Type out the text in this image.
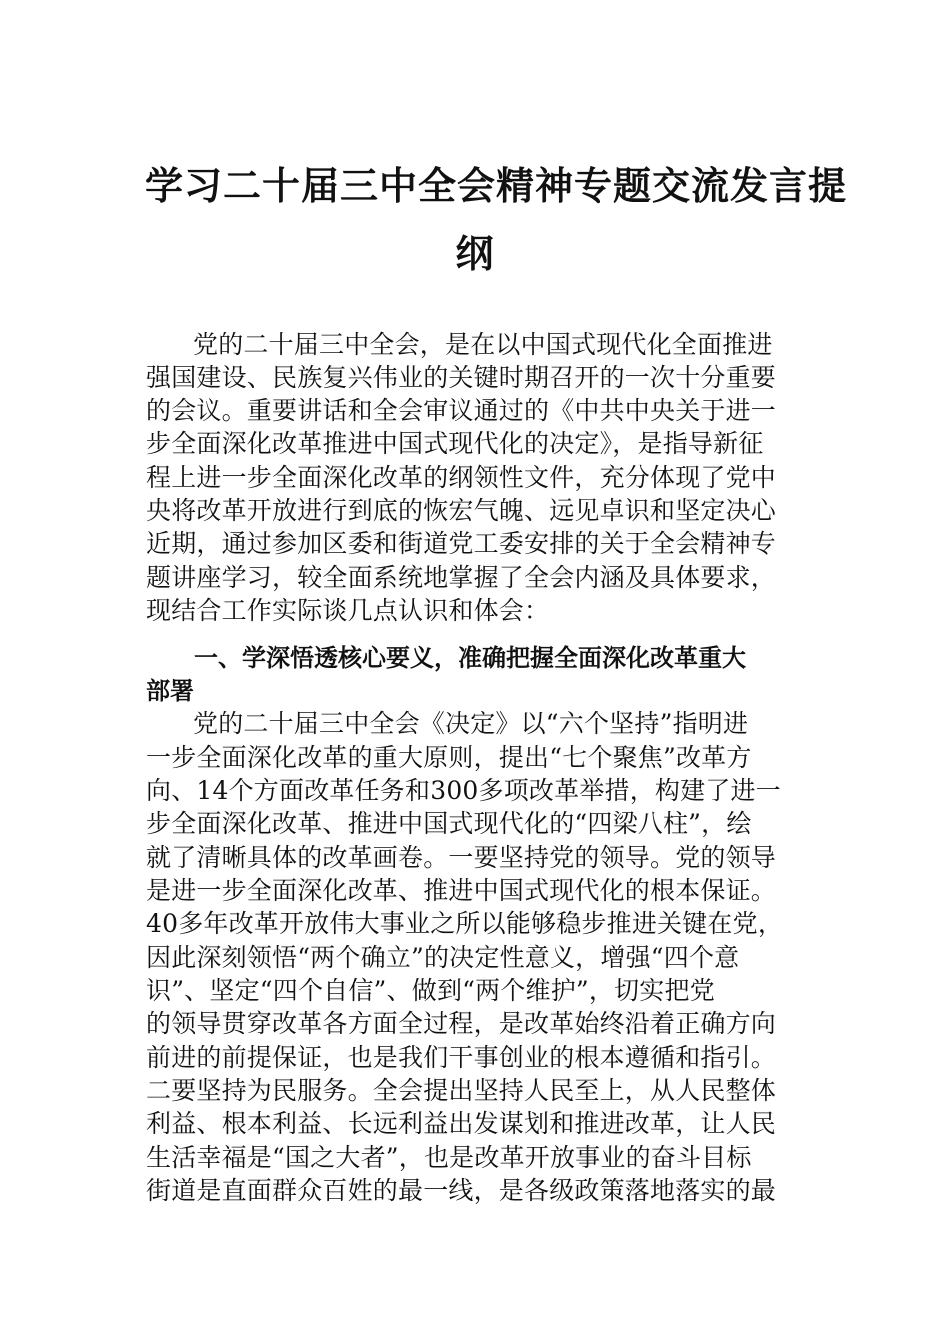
学习二十届三中全会精神专题交流发言提
纲
党的二十届三中全会，是在以中国式现代化全面推进
强国建设、民族复兴伟业的关键时期召开的一次十分重要
的会议。重要讲话和全会审议通过的《中共中央关于进一
步全面深化改革推进中国式现代化的决定》，是指导新征
程上进一步全面深化改革的纲领性文件，充分体现了党中
央将改革开放进行到底的恢宏气魄、远见卓识和坚定决心
近期，通过参加区委和街道党工委安排的关于全会精神专
题讲座学习，较全面系统地掌握了全会内涵及具体要求，
现结合工作实际谈几点认识和体会：
一、学深悟透核心要义，准确把握全面深化改革重大
部署
党的二十届三中全会《决定》以“六个坚持”指明进
一步全面深化改革的重大原则，提出“七个聚焦”改革方
向、14个方面改革任务和300多项改革举措，构建了进一
步全面深化改革、推进中国式现代化的“四梁八柱”，绘
就了清晰具体的改革画卷。一要坚持党的领导。党的领导
是进一步全面深化改革、推进中国式现代化的根本保证。
40多年改革开放伟大事业之所以能够稳步推进关键在党，
因此深刻领悟“两个确立”的决定性意义，增强“四个意
识”、坚定“四个自信”、做到“两个维护”，切实把党
的领导贯穿改革各方面全过程，是改革始终沿着正确方向
前进的前提保证，也是我们干事创业的根本遵循和指引。
二要坚持为民服务。全会提出坚持人民至上，从人民整体
利益、根本利益、长远利益出发谋划和推进改革，让人民
生活幸福是“国之大者”，也是改革开放事业的奋斗目标
街道是直面群众百姓的最一线，是各级政策落地落实的最
